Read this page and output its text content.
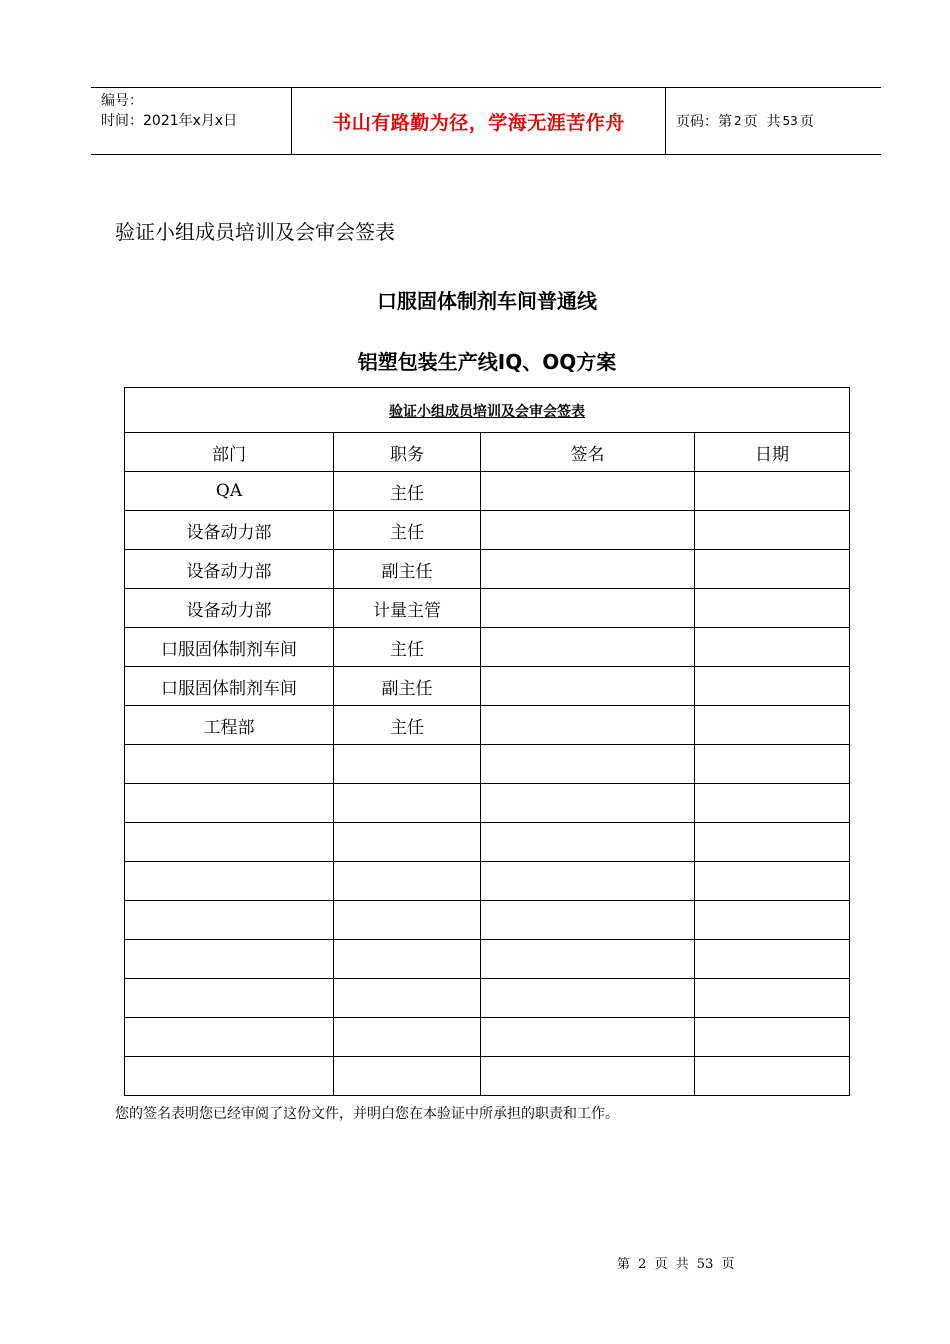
编号：
时间：2021年x月x日	书山有路勤为径，学海无涯苦作舟	页码：第 2 页  共 53 页
验证小组成员培训及会审会签表
口服固体制剂车间普通线
铝塑包装生产线IQ、OQ方案
验证小组成员培训及会审会签表			
部门	职务	签名	日期
QA	主任		
设备动力部	主任		
设备动力部	副主任		
设备动力部	计量主管		
口服固体制剂车间	主任		
口服固体制剂车间	副主任		
工程部	主任		

您的签名表明您已经审阅了这份文件，并明白您在本验证中所承担的职责和工作。
第 2 页 共 53 页
